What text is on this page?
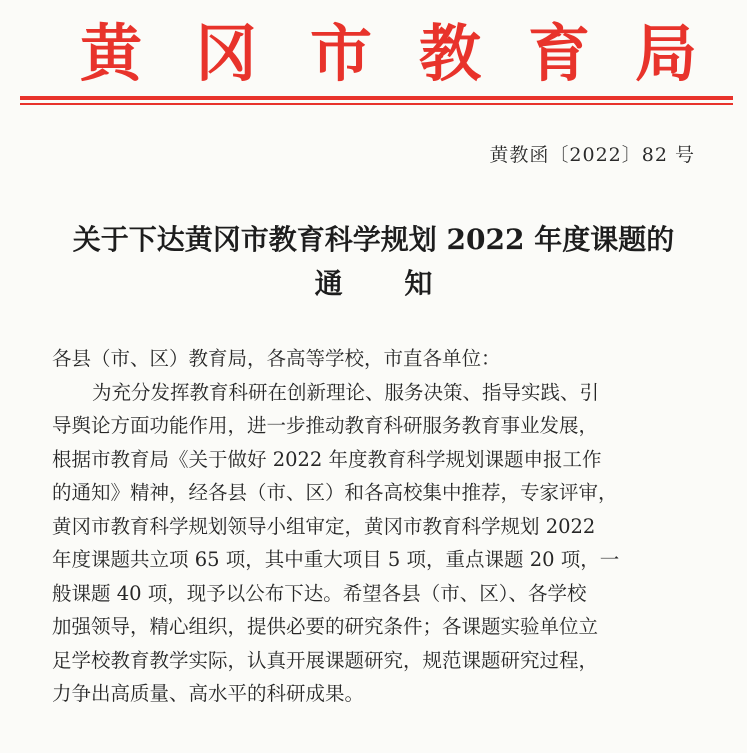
黄 冈 市 教 育 局
黄教函〔2022〕82 号
关于下达黄冈市教育科学规划 2022 年度课题的
通 知

各县（市、区）教育局，各高等学校，市直各单位：

为充分发挥教育科研在创新理论、服务决策、指导实践、引
导舆论方面功能作用，进一步推动教育科研服务教育事业发展，
根据市教育局《关于做好 2022 年度教育科学规划课题申报工作
的通知》精神，经各县（市、区）和各高校集中推荐，专家评审，
黄冈市教育科学规划领导小组审定，黄冈市教育科学规划 2022
年度课题共立项 65 项，其中重大项目 5 项，重点课题 20 项，一
般课题 40 项，现予以公布下达。希望各县（市、区）、各学校
加强领导，精心组织，提供必要的研究条件；各课题实验单位立
足学校教育教学实际，认真开展课题研究，规范课题研究过程，
力争出高质量、高水平的科研成果。
